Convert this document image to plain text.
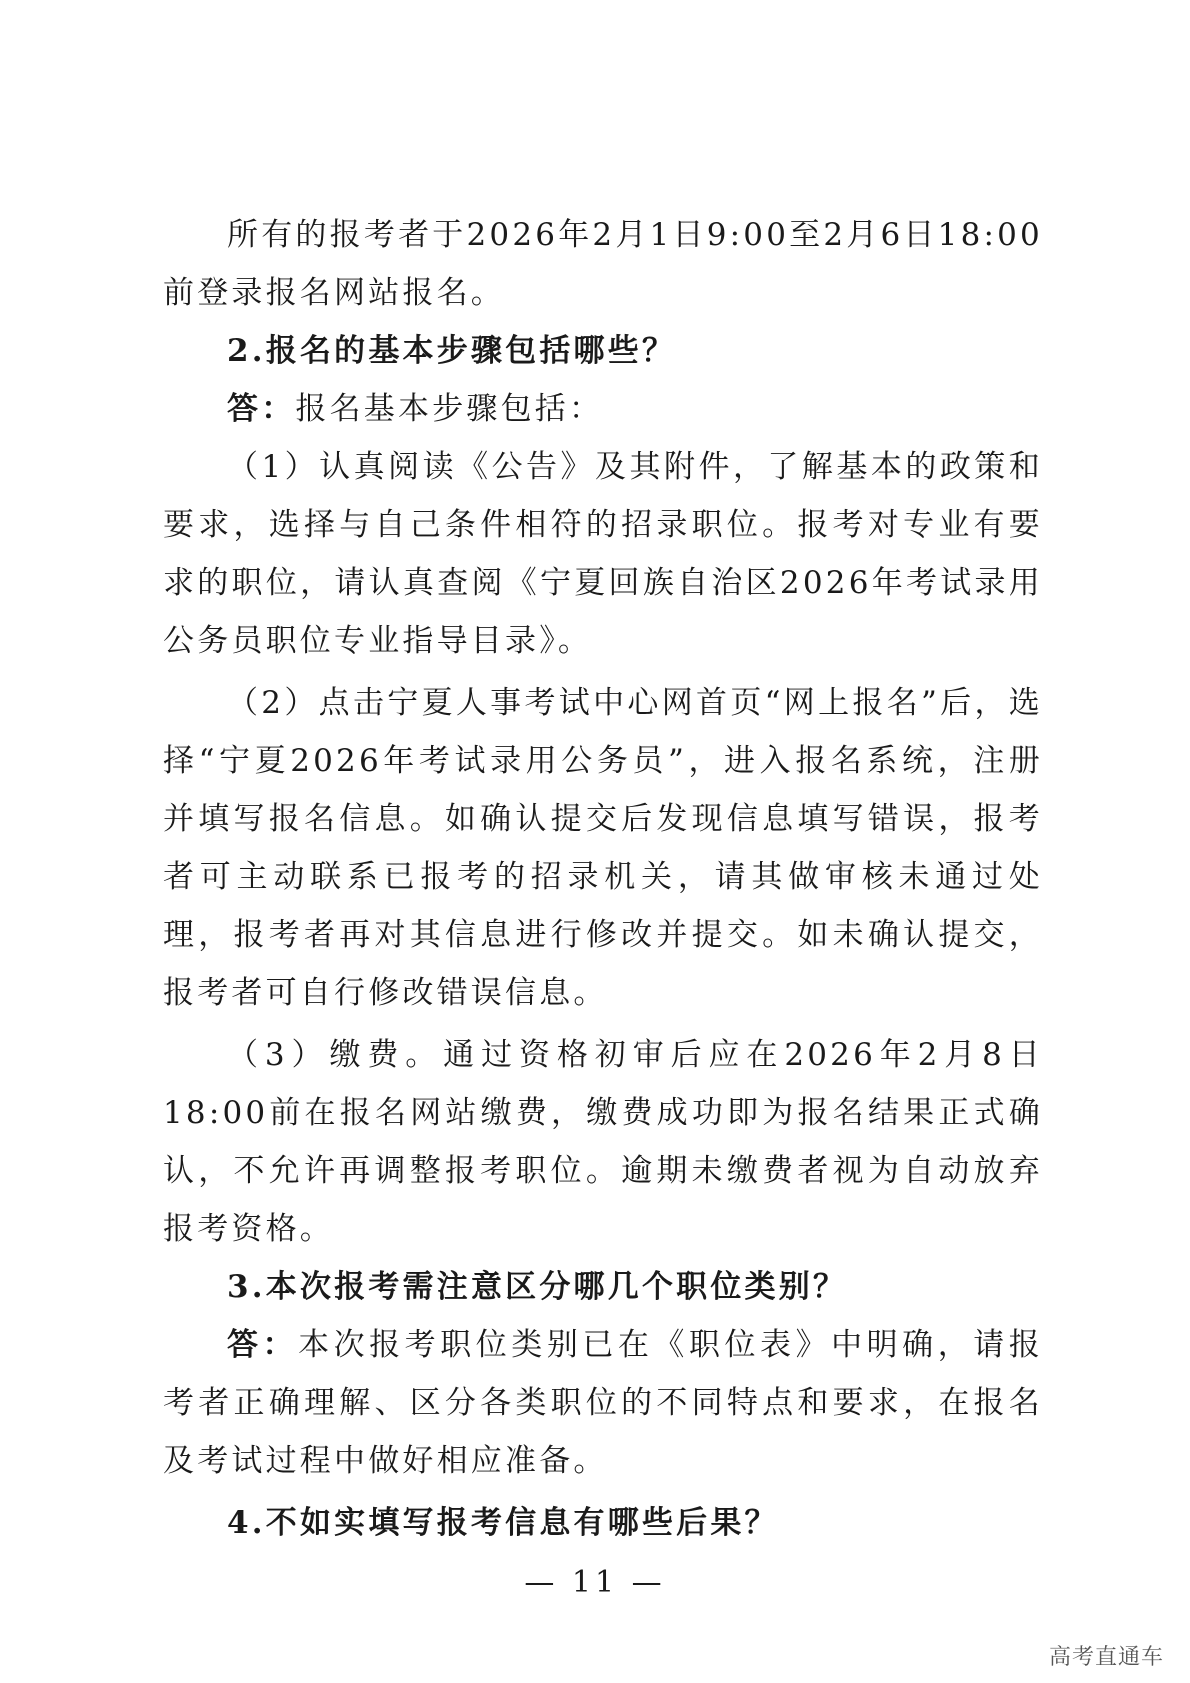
所有的报考者于2026年2月1日9:00至2月6日18:00前登录报名网站报名。

2.报名的基本步骤包括哪些？

答：报名基本步骤包括：

（1）认真阅读《公告》及其附件，了解基本的政策和要求，选择与自己条件相符的招录职位。报考对专业有要求的职位，请认真查阅《宁夏回族自治区2026年考试录用公务员职位专业指导目录》。

（2）点击宁夏人事考试中心网首页“网上报名”后，选择“宁夏2026年考试录用公务员”，进入报名系统，注册并填写报名信息。如确认提交后发现信息填写错误，报考者可主动联系已报考的招录机关，请其做审核未通过处理，报考者再对其信息进行修改并提交。如未确认提交，报考者可自行修改错误信息。

（3）缴费。通过资格初审后应在2026年2月8日18:00前在报名网站缴费，缴费成功即为报名结果正式确认，不允许再调整报考职位。逾期未缴费者视为自动放弃报考资格。

3.本次报考需注意区分哪几个职位类别？

答：本次报考职位类别已在《职位表》中明确，请报考者正确理解、区分各类职位的不同特点和要求，在报名及考试过程中做好相应准备。

4.不如实填写报考信息有哪些后果？

— 11 —
高考直通车
